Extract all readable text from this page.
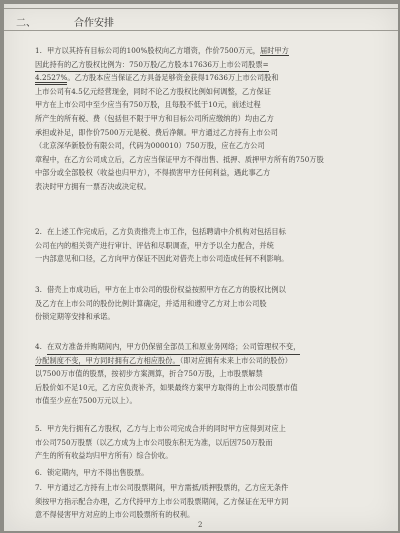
二、	合作安排
1. 甲方以其持有目标公司的100%股权向乙方增资，作价7500万元，届时甲方
因此持有的乙方股权比例为：750万股/乙方股本17636万上市公司股票=
4.2527%。乙方股本应当保证乙方具备足够资金获得17636万上市公司股和
上市公司有4.5亿元经营现金，同时不论乙方股权比例如何调整，乙方保证
甲方在上市公司中至少应当有750万股，且每股不低于10元，前述过程
所产生的所有税、费（包括但不限于甲方和目标公司所应缴纳的）均由乙方
承担或补足，即作价7500万元是税、费后净额。甲方通过乙方持有上市公司
（北京深华新股份有限公司，代码为000010）750万股，应在乙方公司
章程中，在乙方公司成立后，乙方应当保证甲方不得出售、抵押、质押甲方所有的750万股
中部分或全部股权（收益也归甲方），不得损害甲方任何利益，遇此事乙方
表决时甲方拥有一票否决或决定权。
2. 在上述工作完成后，乙方负责推壳上市工作，包括聘请中介机构对包括目标
公司在内的相关资产进行审计、评估和尽职调查，甲方予以全力配合，并统
一内部意见和口径，乙方向甲方保证不因此对借壳上市公司造成任何不利影响。
3. 借壳上市成功后，甲方在上市公司的股份权益按照甲方在乙方的股权比例以
及乙方在上市公司的股份比例计算确定，并适用和遵守乙方对上市公司股
份锁定期等安排和承诺。
4. 在双方准备并购期间内，甲方仍保留全部员工和原业务网络；公司管理权不变，
分配制度不变，甲方同时拥有乙方相应股份。（即对应拥有未来上市公司的股份）
以7500万市值的股票，按初步方案测算，折合750万股，上市股票解禁
后股价如不足10元，乙方应负责补齐，如果最终方案甲方取得的上市公司股票市值
市值至少应在7500万元以上）。
5. 甲方先行拥有乙方股权，乙方与上市公司完成合并的同时甲方应得到对应上
市公司750万股票（以乙方成为上市公司股东积无为准，以后因750万股而
产生的所有收益均归甲方所有）综合价收。
6. 锁定期内，甲方不得出售股票。
7. 甲方通过乙方持有上市公司股票期间，甲方需抵/质押股票的，乙方应无条件
须按甲方指示配合办理，乙方代持甲方上市公司股票期间，乙方保证在无甲方同
意不得侵害甲方对应的上市公司股票所有的权利。
2
